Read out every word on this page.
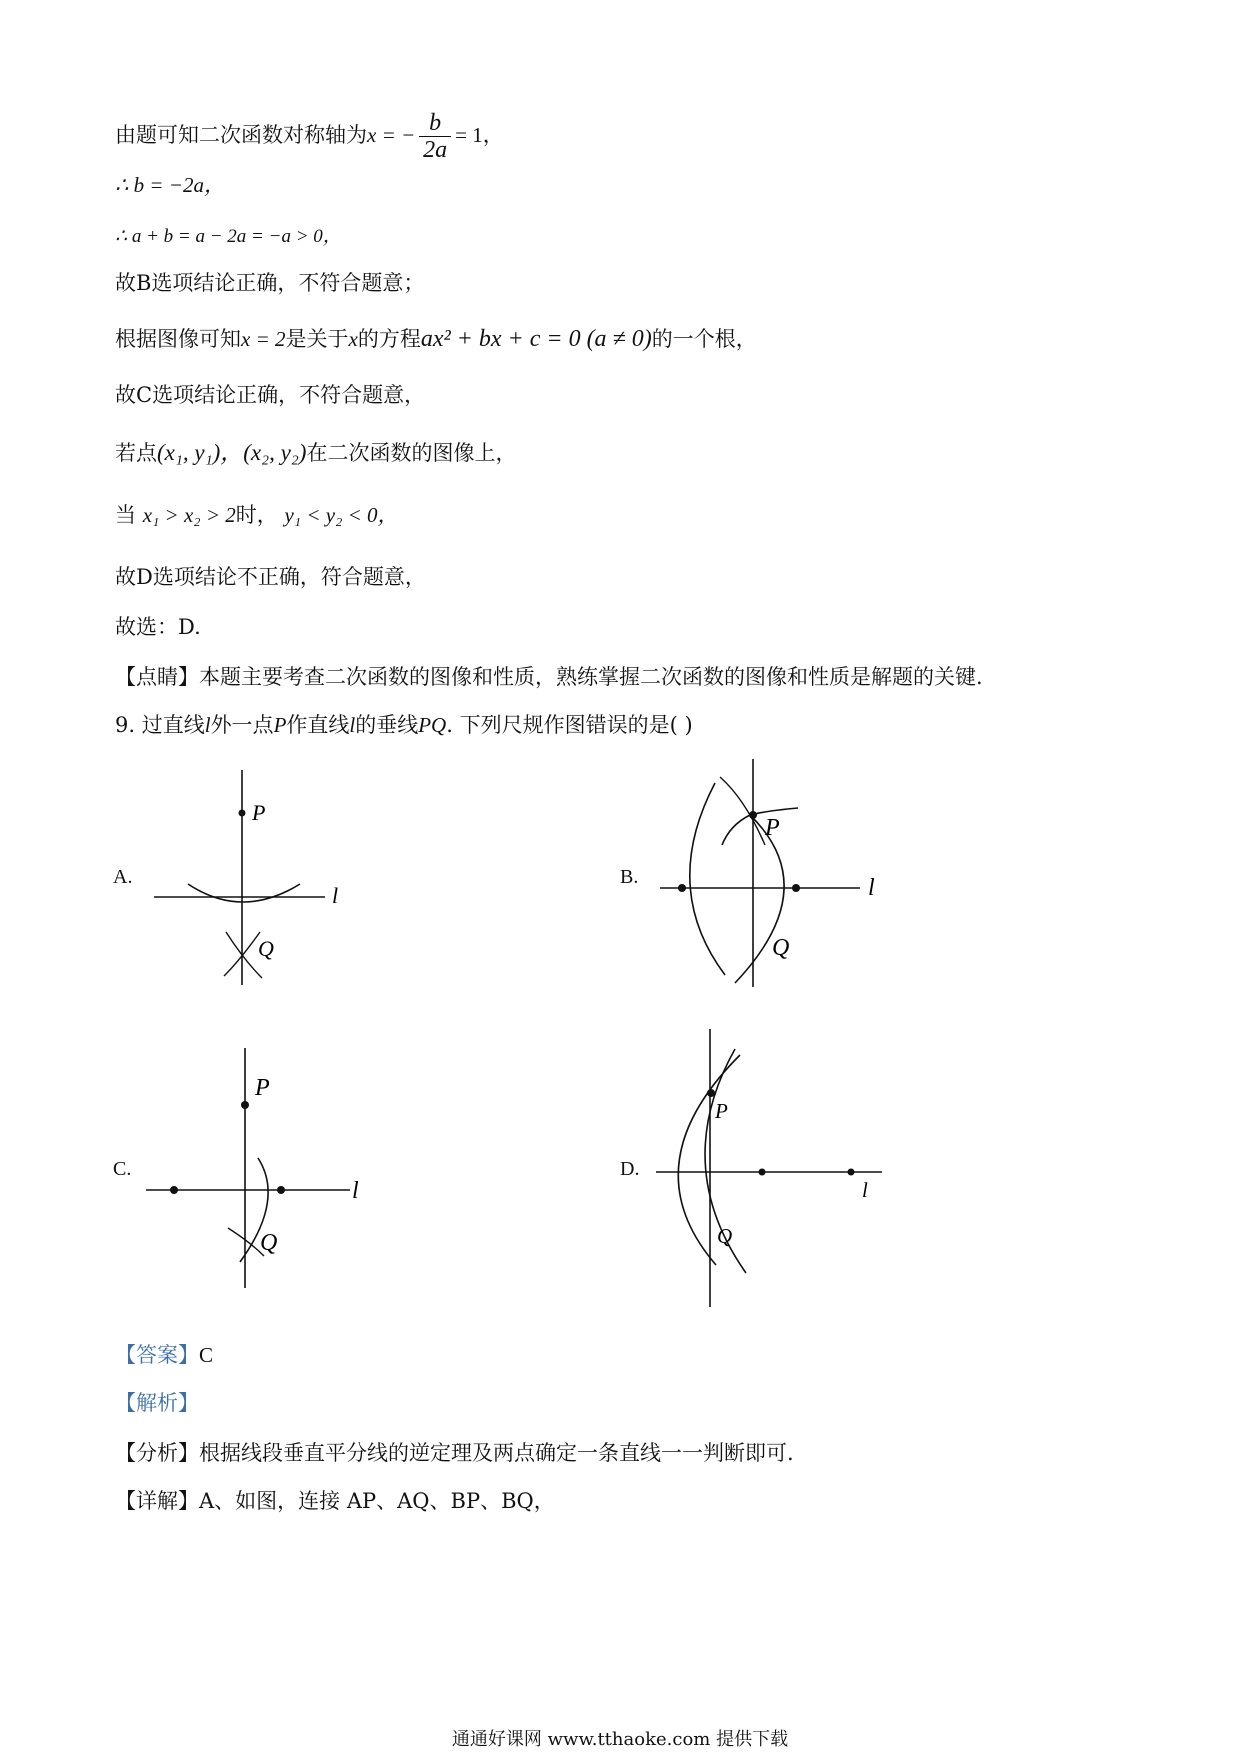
由题可知二次函数对称轴为x = − $\frac{b}{2a} = 1$，
∴ b = −2a，
∴ a + b = a − 2a = −a > 0，
故B选项结论正确，不符合题意；
根据图像可知x = 2是关于x的方程ax² + bx + c = 0 (a ≠ 0)的一个根，
故C选项结论正确，不符合题意，
若点(x₁, y₁)，(x₂, y₂)在二次函数的图像上，
当 x₁ > x₂ > 2时， y₁ < y₂ < 0，
故D选项结论不正确，符合题意，
故选：D.
【点睛】本题主要考查二次函数的图像和性质，熟练掌握二次函数的图像和性质是解题的关键.
9. 过直线l外一点P作直线l的垂线PQ. 下列尺规作图错误的是( )
A.	B.
C.	D.
P
Q
l
P
Q
l
P
Q
l
P
Q
l
【答案】C
【解析】
【分析】根据线段垂直平分线的逆定理及两点确定一条直线一一判断即可.
【详解】A、如图，连接 AP、AQ、BP、BQ，
通通好课网 www.tthaoke.com 提供下载
